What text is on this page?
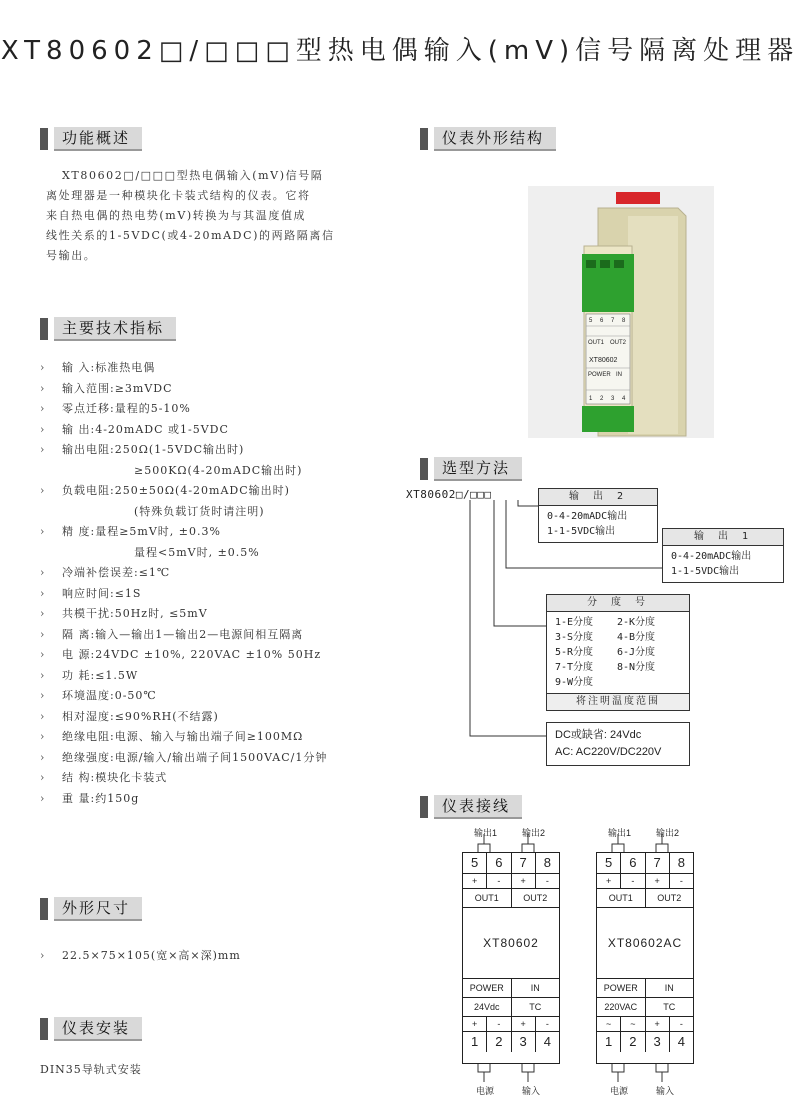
XT80602□/□□□型热电偶输入(mV)信号隔离处理器
功能概述
XT80602□/□□□型热电偶输入(mV)信号隔
离处理器是一种模块化卡装式结构的仪表。它将
来自热电偶的热电势(mV)转换为与其温度值成
线性关系的1-5VDC(或4-20mADC)的两路隔离信
号输出。
主要技术指标
›	输 入:标准热电偶
›	输入范围:≥3mVDC
›	零点迁移:量程的5-10%
›	输 出:4-20mADC 或1-5VDC
›	输出电阻:250Ω(1-5VDC输出时)
≥500KΩ(4-20mADC输出时)
›	负载电阻:250±50Ω(4-20mADC输出时)
(特殊负载订货时请注明)
›	精 度:量程≥5mV时, ±0.3%
量程<5mV时, ±0.5%
›	冷端补偿误差:≤1℃
›	响应时间:≤1S
›	共模干扰:50Hz时, ≤5mV
›	隔 离:输入—输出1—输出2—电源间相互隔离
›	电 源:24VDC ±10%, 220VAC ±10% 50Hz
›	功 耗:≤1.5W
›	环境温度:0-50℃
›	相对湿度:≤90%RH(不结露)
›	绝缘电阻:电源、输入与输出端子间≥100MΩ
›	绝缘强度:电源/输入/输出端子间1500VAC/1分钟
›	结 构:模块化卡装式
›	重 量:约150g
外形尺寸
›	22.5×75×105(宽×高×深)mm
仪表安装
DIN35导轨式安装
仪表外形结构
5 6 7 8
OUT1 OUT2
XT80602
POWER IN
1 2 3 4
选型方法
XT80602□/□□□	输 出 2
0-4-20mADC输出
1-1-5VDC输出	输 出 1
0-4-20mADC输出
1-1-5VDC输出
分 度 号
1-E分度	2-K分度
3-S分度	4-B分度
5-R分度	6-J分度
7-T分度	8-N分度
9-W分度
将注明温度范围
DC或缺省: 24Vdc
AC: AC220V/DC220V
仪表接线
输出1	输出2
5	6	7	8
+	-	+	-
OUT1	OUT2
XT80602
POWER	IN
24Vdc	TC
+	-	+	-
1	2	3	4
电源	输入
输出1	输出2
5	6	7	8
+	-	+	-
OUT1	OUT2
XT80602AC
POWER	IN
220VAC	TC
~	~	+	-
1	2	3	4
电源	输入
